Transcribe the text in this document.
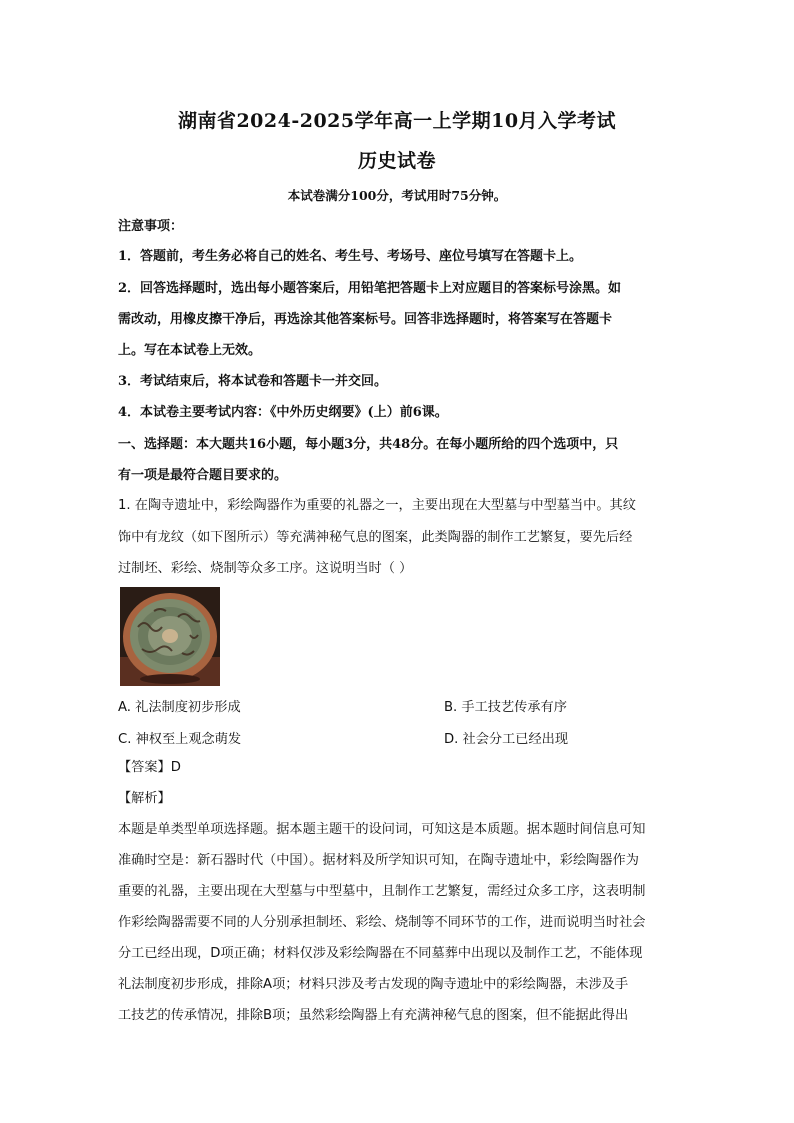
湖南省2024-2025学年高一上学期10月入学考试
历史试卷
本试卷满分100分，考试用时75分钟。
注意事项：
1．答题前，考生务必将自己的姓名、考生号、考场号、座位号填写在答题卡上。
2．回答选择题时，选出每小题答案后，用铅笔把答题卡上对应题目的答案标号涂黑。如
需改动，用橡皮擦干净后，再选涂其他答案标号。回答非选择题时，将答案写在答题卡
上。写在本试卷上无效。
3．考试结束后，将本试卷和答题卡一并交回。
4．本试卷主要考试内容：《中外历史纲要》(上）前6课。
一、选择题：本大题共16小题，每小题3分，共48分。在每小题所给的四个选项中，只
有一项是最符合题目要求的。
1. 在陶寺遗址中，彩绘陶器作为重要的礼器之一，主要出现在大型墓与中型墓当中。其纹
饰中有龙纹（如下图所示）等充满神秘气息的图案，此类陶器的制作工艺繁复，要先后经
过制坯、彩绘、烧制等众多工序。这说明当时（ ）
A. 礼法制度初步形成	B. 手工技艺传承有序
C. 神权至上观念萌发	D. 社会分工已经出现
【答案】D
【解析】
本题是单类型单项选择题。据本题主题干的设问词，可知这是本质题。据本题时间信息可知
准确时空是：新石器时代（中国）。据材料及所学知识可知，在陶寺遗址中，彩绘陶器作为
重要的礼器，主要出现在大型墓与中型墓中，且制作工艺繁复，需经过众多工序，这表明制
作彩绘陶器需要不同的人分别承担制坯、彩绘、烧制等不同环节的工作，进而说明当时社会
分工已经出现，D项正确；材料仅涉及彩绘陶器在不同墓葬中出现以及制作工艺，不能体现
礼法制度初步形成，排除A项；材料只涉及考古发现的陶寺遗址中的彩绘陶器，未涉及手
工技艺的传承情况，排除B项；虽然彩绘陶器上有充满神秘气息的图案，但不能据此得出
